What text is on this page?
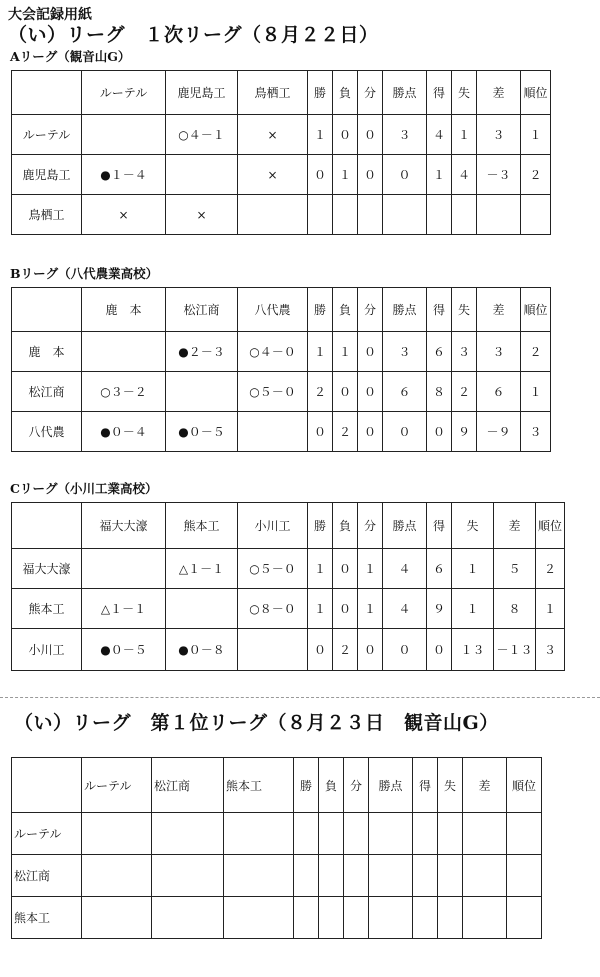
大会記録用紙
（い）リーグ　１次リーグ（８月２２日）
Aリーグ（観音山G）
Bリーグ（八代農業高校）
Cリーグ（小川工業高校）
	ルーテル	鹿児島工	鳥栖工	勝	負	分	勝点	得	失	差	順位
ルーテル		○４－１	×	１	０	０	３	４	１	３	１
鹿児島工	●１－４		×	０	１	０	０	１	４	－３	２
鳥栖工	×	×									
	鹿　本	松江商	八代農	勝	負	分	勝点	得	失	差	順位
鹿　本		●２－３	○４－０	１	１	０	３	６	３	３	２
松江商	○３－２		○５－０	２	０	０	６	８	２	６	１
八代農	●０－４	●０－５		０	２	０	０	０	９	－９	３
	福大大濠	熊本工	小川工	勝	負	分	勝点	得	失	差	順位
福大大濠		△１－１	○５－０	１	０	１	４	６	１	５	２
熊本工	△１－１		○８－０	１	０	１	４	９	１	８	１
小川工	●０－５	●０－８		０	２	０	０	０	１３	－１３	３
	ルーテル	松江商	熊本工	勝	負	分	勝点	得	失	差	順位
ルーテル											
松江商											
熊本工											
（い）リーグ　第１位リーグ（８月２３日　観音山G）
